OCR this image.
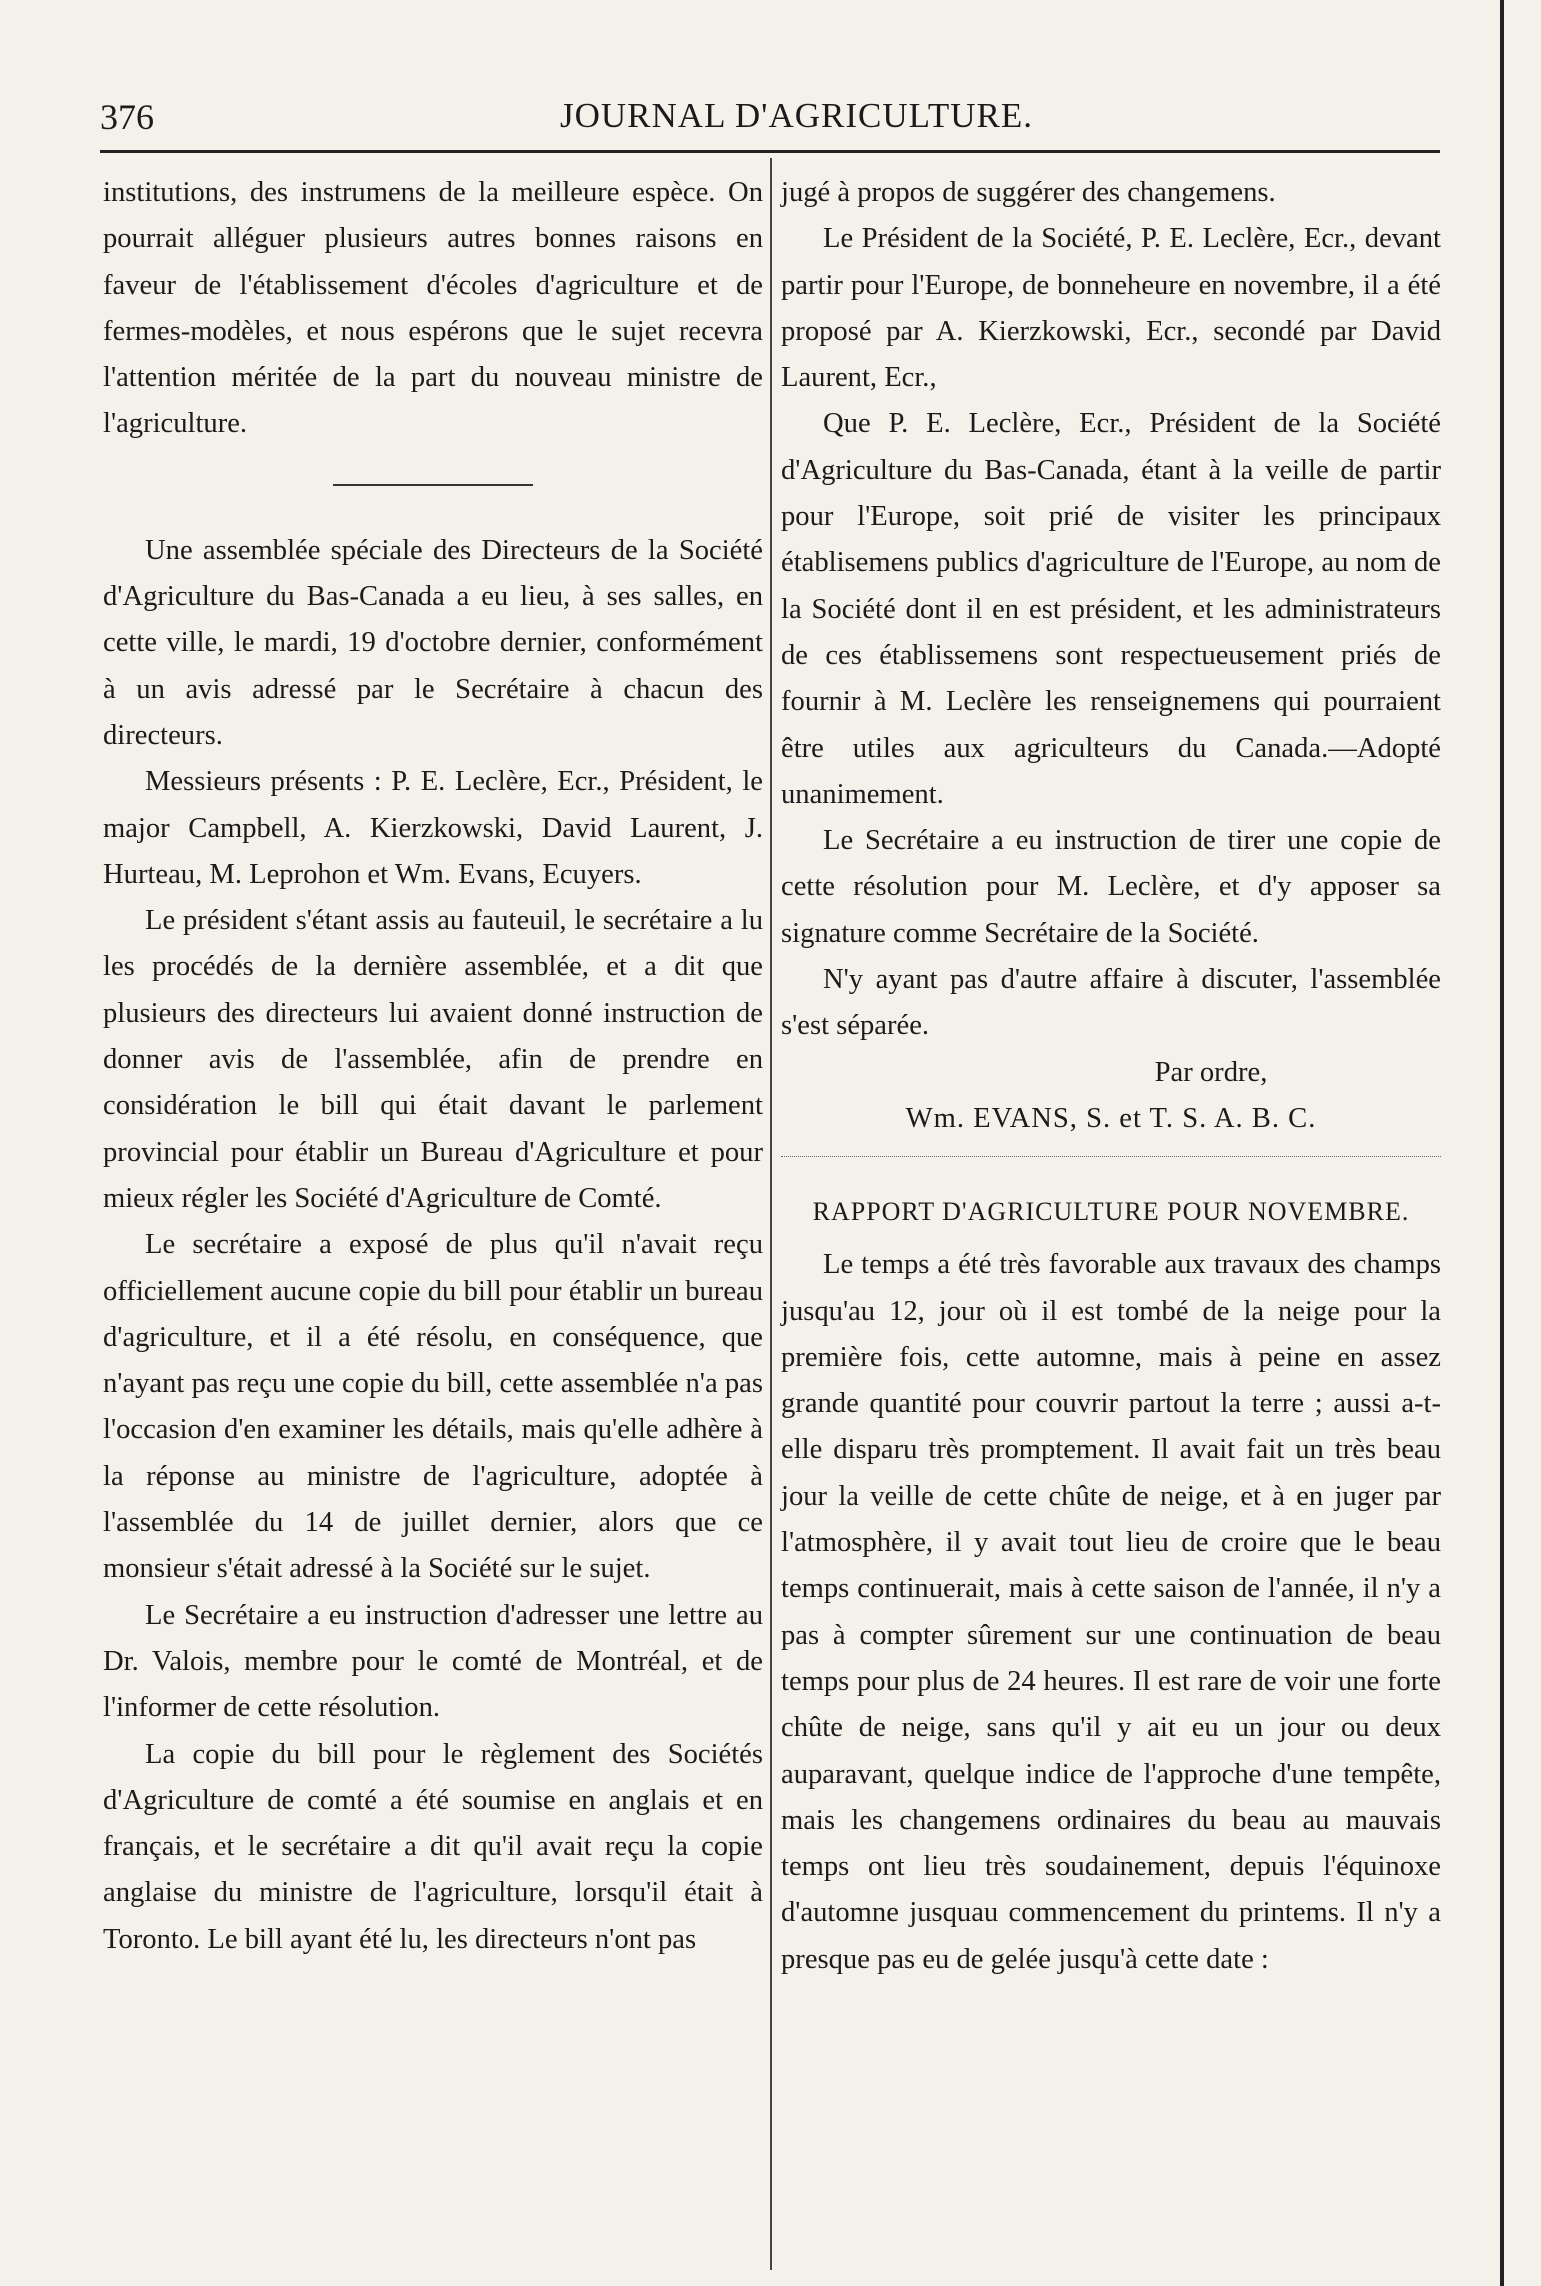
376	JOURNAL D'AGRICULTURE.

institutions, des instrumens de la meilleure espèce. On pourrait alléguer plusieurs autres bonnes raisons en faveur de l'établissement d'écoles d'agriculture et de fermes-modèles, et nous espérons que le sujet recevra l'attention méritée de la part du nouveau ministre de l'agriculture.

Une assemblée spéciale des Directeurs de la Société d'Agriculture du Bas-Canada a eu lieu, à ses salles, en cette ville, le mardi, 19 d'octobre dernier, conformément à un avis adressé par le Secrétaire à chacun des directeurs.

Messieurs présents : P. E. Leclère, Ecr., Président, le major Campbell, A. Kierzkowski, David Laurent, J. Hurteau, M. Leprohon et Wm. Evans, Ecuyers.

Le président s'étant assis au fauteuil, le secrétaire a lu les procédés de la dernière assemblée, et a dit que plusieurs des directeurs lui avaient donné instruction de donner avis de l'assemblée, afin de prendre en considération le bill qui était davant le parlement provincial pour établir un Bureau d'Agriculture et pour mieux régler les Société d'Agriculture de Comté.

Le secrétaire a exposé de plus qu'il n'avait reçu officiellement aucune copie du bill pour établir un bureau d'agriculture, et il a été résolu, en conséquence, que n'ayant pas reçu une copie du bill, cette assemblée n'a pas l'occasion d'en examiner les détails, mais qu'elle adhère à la réponse au ministre de l'agriculture, adoptée à l'assemblée du 14 de juillet dernier, alors que ce monsieur s'était adressé à la Société sur le sujet.

Le Secrétaire a eu instruction d'adresser une lettre au Dr. Valois, membre pour le comté de Montréal, et de l'informer de cette résolution.

La copie du bill pour le règlement des Sociétés d'Agriculture de comté a été soumise en anglais et en français, et le secrétaire a dit qu'il avait reçu la copie anglaise du ministre de l'agriculture, lorsqu'il était à Toronto. Le bill ayant été lu, les directeurs n'ont pas

jugé à propos de suggérer des changemens.

Le Président de la Société, P. E. Leclère, Ecr., devant partir pour l'Europe, de bonneheure en novembre, il a été proposé par A. Kierzkowski, Ecr., secondé par David Laurent, Ecr.,

Que P. E. Leclère, Ecr., Président de la Société d'Agriculture du Bas-Canada, étant à la veille de partir pour l'Europe, soit prié de visiter les principaux établisemens publics d'agriculture de l'Europe, au nom de la Société dont il en est président, et les administrateurs de ces établissemens sont respectueusement priés de fournir à M. Leclère les renseignemens qui pourraient être utiles aux agriculteurs du Canada.—Adopté unanimement.

Le Secrétaire a eu instruction de tirer une copie de cette résolution pour M. Leclère, et d'y apposer sa signature comme Secrétaire de la Société.

N'y ayant pas d'autre affaire à discuter, l'assemblée s'est séparée.

Par ordre,

Wm. EVANS, S. et T. S. A. B. C.

RAPPORT D'AGRICULTURE POUR NOVEMBRE.

Le temps a été très favorable aux travaux des champs jusqu'au 12, jour où il est tombé de la neige pour la première fois, cette automne, mais à peine en assez grande quantité pour couvrir partout la terre ; aussi a-t-elle disparu très promptement. Il avait fait un très beau jour la veille de cette chûte de neige, et à en juger par l'atmosphère, il y avait tout lieu de croire que le beau temps continuerait, mais à cette saison de l'année, il n'y a pas à compter sûrement sur une continuation de beau temps pour plus de 24 heures. Il est rare de voir une forte chûte de neige, sans qu'il y ait eu un jour ou deux auparavant, quelque indice de l'approche d'une tempête, mais les changemens ordinaires du beau au mauvais temps ont lieu très soudainement, depuis l'équinoxe d'automne jusquau commencement du printems. Il n'y a presque pas eu de gelée jusqu'à cette date :
